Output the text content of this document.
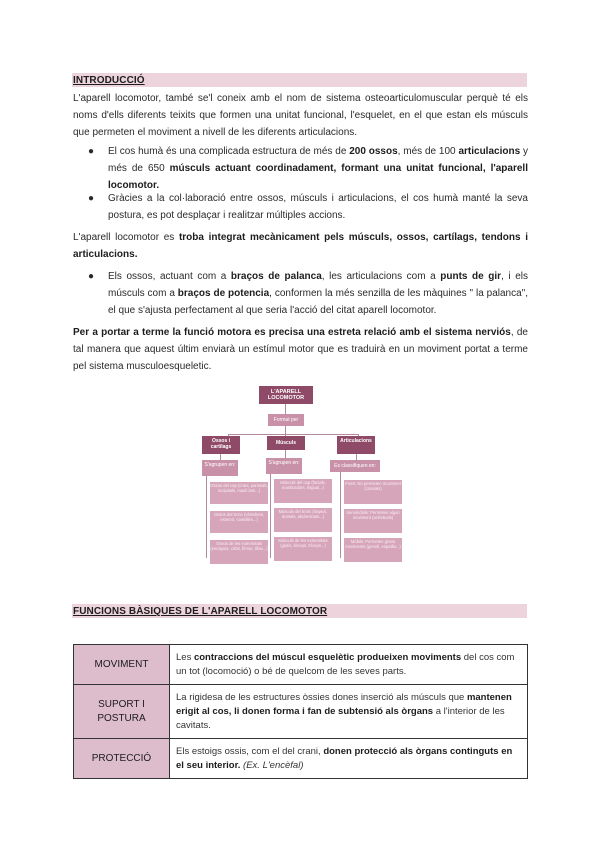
INTRODUCCIÓ

L'aparell locomotor, també se'l coneix amb el nom de sistema osteoarticulomuscular perquè té els noms d'ells diferents teixits que formen una unitat funcional, l'esquelet, en el que estan els músculs que permeten el moviment a nivell de les diferents articulacions.

● El cos humà és una complicada estructura de més de 200 ossos, més de 100 articulacions y més de 650 músculs actuant coordinadament, formant una unitat funcional, l'aparell locomotor.
● Gràcies a la col·laboració entre ossos, músculs i articulacions, el cos humà manté la seva postura, es pot desplaçar i realitzar múltiples accions.

L'aparell locomotor es troba integrat mecànicament pels músculs, ossos, cartílags, tendons i articulacions.

● Els ossos, actuant com a braços de palanca, les articulacions com a punts de gir, i els músculs com a braços de potencia, conformen la més senzilla de les màquines " la palanca", el que s'ajusta perfectament al que seria l'acció del citat aparell locomotor.

Per a portar a terme la funció motora es precisa una estreta relació amb el sistema nerviós, de tal manera que aquest últim enviarà un estímul motor que es traduirà en un moviment portat a terme pel sistema musculoesqueletic.

L'APARELL LOCOMOTOR
Format per
Ossos i cartílags
S'agrupen en:
Ossos del cap (crani, parietals, occipitals, maxil·lars...)
Ossos del tronc (vèrtebres, esternó, costelles...)
Ossos de les extremitats (escàpula, cúbit, fèmur, tíbia...)
Músculs
S'agrupen en:
Músculs del cap (facials, masticadors, lingual...)
Músculs del tronc (trapezi, dorsals, abdominals...)
Músculs de les extremitats (glutis, bíceps, tríceps...)
Articulacions
Es classifiquen en:
Fixes: No permeten moviment (cranials)
Semimòbils: Permeten algun moviment (vertebrals)
Mòbils: Permeten grans moviments (genoll, espatlla...)
FUNCIONS BÀSIQUES DE L'APARELL LOCOMOTOR
MOVIMENT	Les contraccions del múscul esquelètic produeixen moviments del cos com un tot (locomoció) o bé de quelcom de les seves parts.
SUPORT I POSTURA	La rigidesa de les estructures òssies dones inserció als músculs que mantenen erigit al cos, li donen forma i fan de subtensió als òrgans a l'interior de les cavitats.
PROTECCIÓ	Els estoigs ossis, com el del crani, donen protecció als òrgans continguts en el seu interior. (Ex. L'encèfal)
